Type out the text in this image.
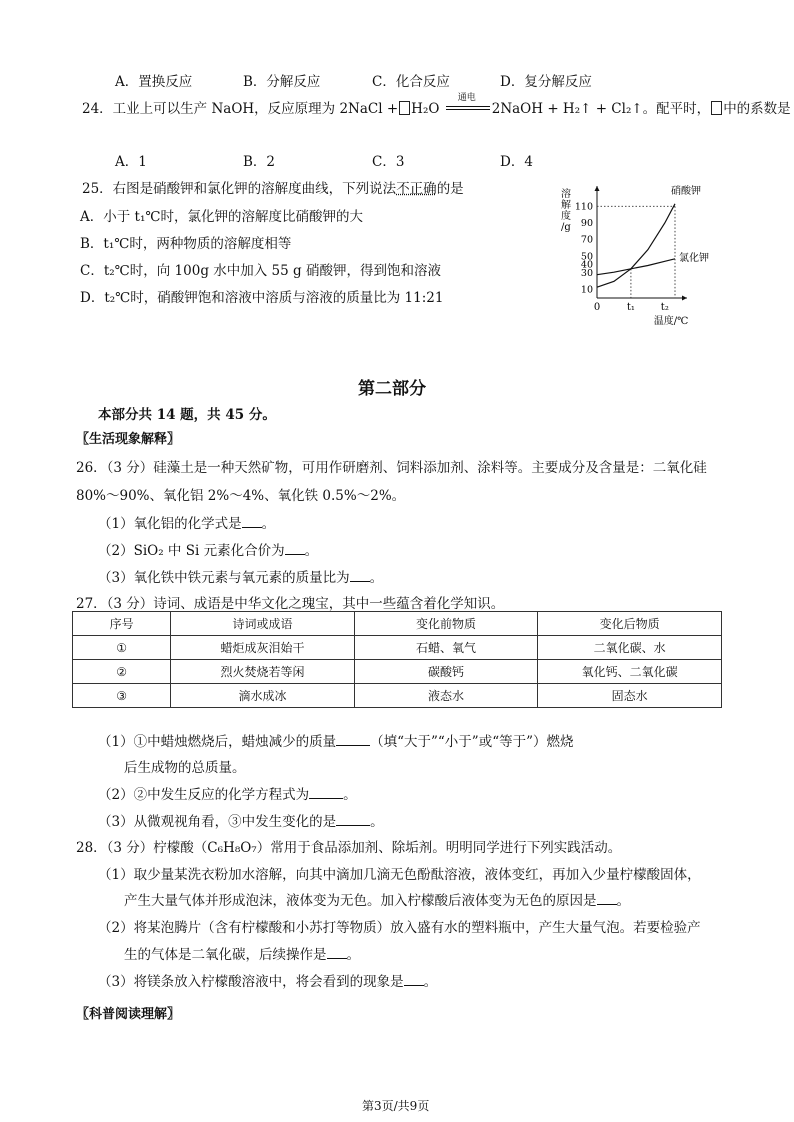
A．置换反应	B．分解反应	C．化合反应	D．复分解反应
24．工业上可以生产 NaOH，反应原理为 2NaCl + H₂O
通电
2NaOH + H₂↑ + Cl₂↑。配平时， 中的系数是
A．1	B．2	C．3	D．4
25．右图是硝酸钾和氯化钾的溶解度曲线，下列说法不正确的是
A．小于 t₁℃时，氯化钾的溶解度比硝酸钾的大
B．t₁℃时，两种物质的溶解度相等
C．t₂℃时，向 100g 水中加入 55 g 硝酸钾，得到饱和溶液
D．t₂℃时，硝酸钾饱和溶液中溶质与溶液的质量比为 11:21
溶
解
度
/g
10
30
40
50
70
90
110
0	t₁	t₂
温度/℃
硝酸钾
氯化钾
第二部分
本部分共 14 题，共 45 分。
〖生活现象解释〗
26．（3 分）硅藻土是一种天然矿物，可用作研磨剂、饲料添加剂、涂料等。主要成分及含量是：二氧化硅
80%～90%、氧化铝 2%～4%、氧化铁 0.5%～2%。
（1）氧化铝的化学式是 。
（2）SiO₂ 中 Si 元素化合价为 。
（3）氧化铁中铁元素与氧元素的质量比为 。
27．（3 分）诗词、成语是中华文化之瑰宝，其中一些蕴含着化学知识。
序号	诗词或成语	变化前物质	变化后物质
①	蜡炬成灰泪始干	石蜡、氧气	二氧化碳、水
②	烈火焚烧若等闲	碳酸钙	氧化钙、二氧化碳
③	滴水成冰	液态水	固态水
（1）①中蜡烛燃烧后，蜡烛减少的质量	（填“大于”“小于”或“等于”）燃烧
后生成物的总质量。
（2）②中发生反应的化学方程式为	。
（3）从微观视角看，③中发生变化的是	。
28．（3 分）柠檬酸（C₆H₈O₇）常用于食品添加剂、除垢剂。明明同学进行下列实践活动。
（1）取少量某洗衣粉加水溶解，向其中滴加几滴无色酚酞溶液，液体变红，再加入少量柠檬酸固体，
产生大量气体并形成泡沫，液体变为无色。加入柠檬酸后液体变为无色的原因是 。
（2）将某泡腾片（含有柠檬酸和小苏打等物质）放入盛有水的塑料瓶中，产生大量气泡。若要检验产
生的气体是二氧化碳，后续操作是 。
（3）将镁条放入柠檬酸溶液中，将会看到的现象是 。
〖科普阅读理解〗
第3页/共9页
